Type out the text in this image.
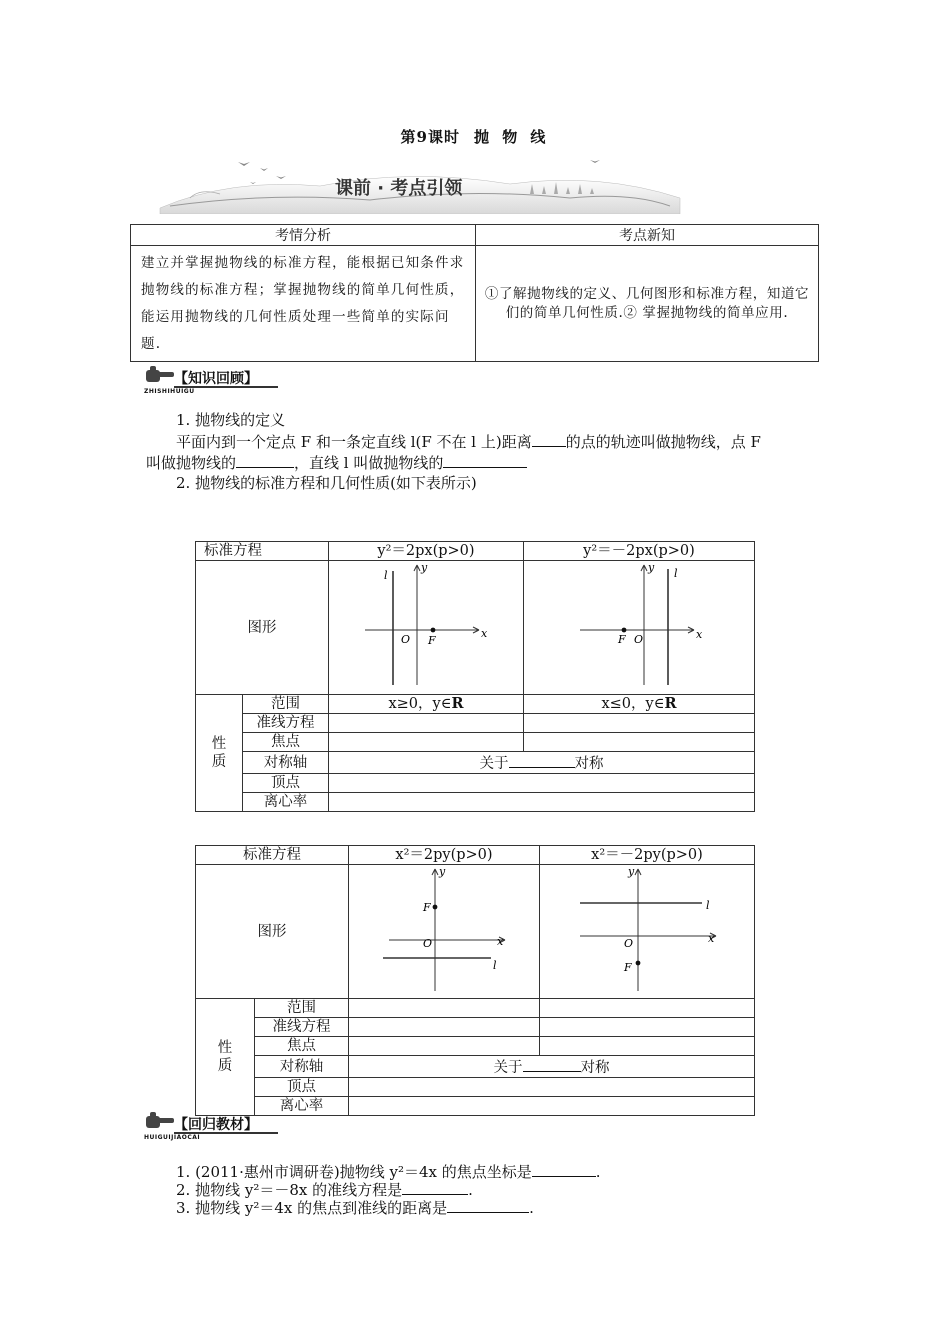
第9课时 抛 物 线
课前 · 考点引领
考情分析	考点新知
建立并掌握抛物线的标准方程，能根据已知条件求抛物线的标准方程；掌握抛物线的简单几何性质，能运用抛物线的几何性质处理一些简单的实际问题.	①了解抛物线的定义、几何图形和标准方程，知道它们的简单几何性质.② 掌握抛物线的简单应用.
【知识回顾】
ZHISHIHUIGU
1. 抛物线的定义
平面内到一个定点 F 和一条定直线 l(F 不在 l 上)距离 的点的轨迹叫做抛物线，点 F
叫做抛物线的	，直线 l 叫做抛物线的
2. 抛物线的标准方程和几何性质(如下表所示)
标准方程		y²＝2px(p>0)	y²＝－2px(p>0)
图形		x
y
O F
l	x
y
O
F
l

性
质	范围	x≥0，y∈R	x≤0，y∈R
	准线方程		
	焦点		
	对称轴	关于 对称	
	顶点		
	离心率		
标准方程		x²＝2py(p>0)	x²＝－2py(p>0)
图形		x
y
O
F
l	x
y
O
F
l

性
质	范围		
	准线方程		
	焦点		
	对称轴	关于 对称	
	顶点		
	离心率		
【回归教材】
HUIGUIJIAOCAI
1. (2011·惠州市调研卷)抛物线 y²＝4x 的焦点坐标是	.
2. 抛物线 y²＝－8x 的准线方程是	.
3. 抛物线 y²＝4x 的焦点到准线的距离是	.
